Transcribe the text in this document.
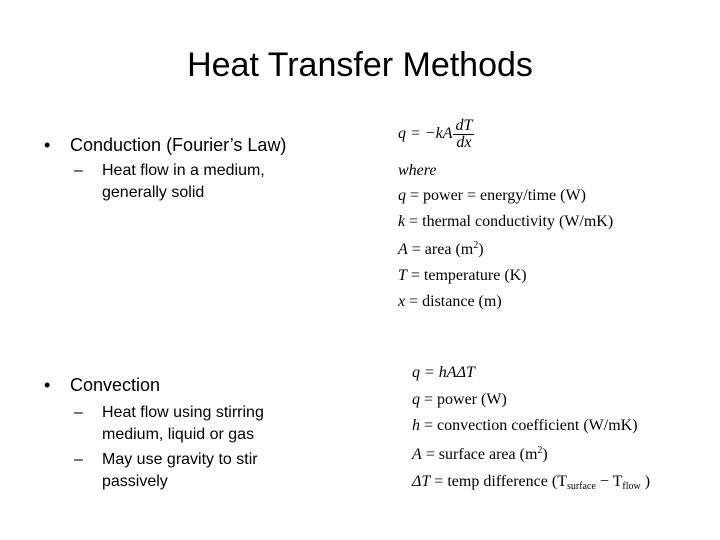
Heat Transfer Methods
• Conduction (Fourier’s Law)
– Heat flow in a medium,
generally solid
• Convection
– Heat flow using stirring
medium, liquid or gas
– May use gravity to stir
passively
$q = -kA \frac{dT}{dx}$
where
q = power = energy/time (W)
k = thermal conductivity (W/mK)
A = area $(m^2)$
T = temperature (K)
x = distance (m)
q = hAΔT
q = power (W)
h = convection coefficient (W/mK)
A = surface area $(m^2)$
ΔT = temp difference (Tsurface − Tflow )
